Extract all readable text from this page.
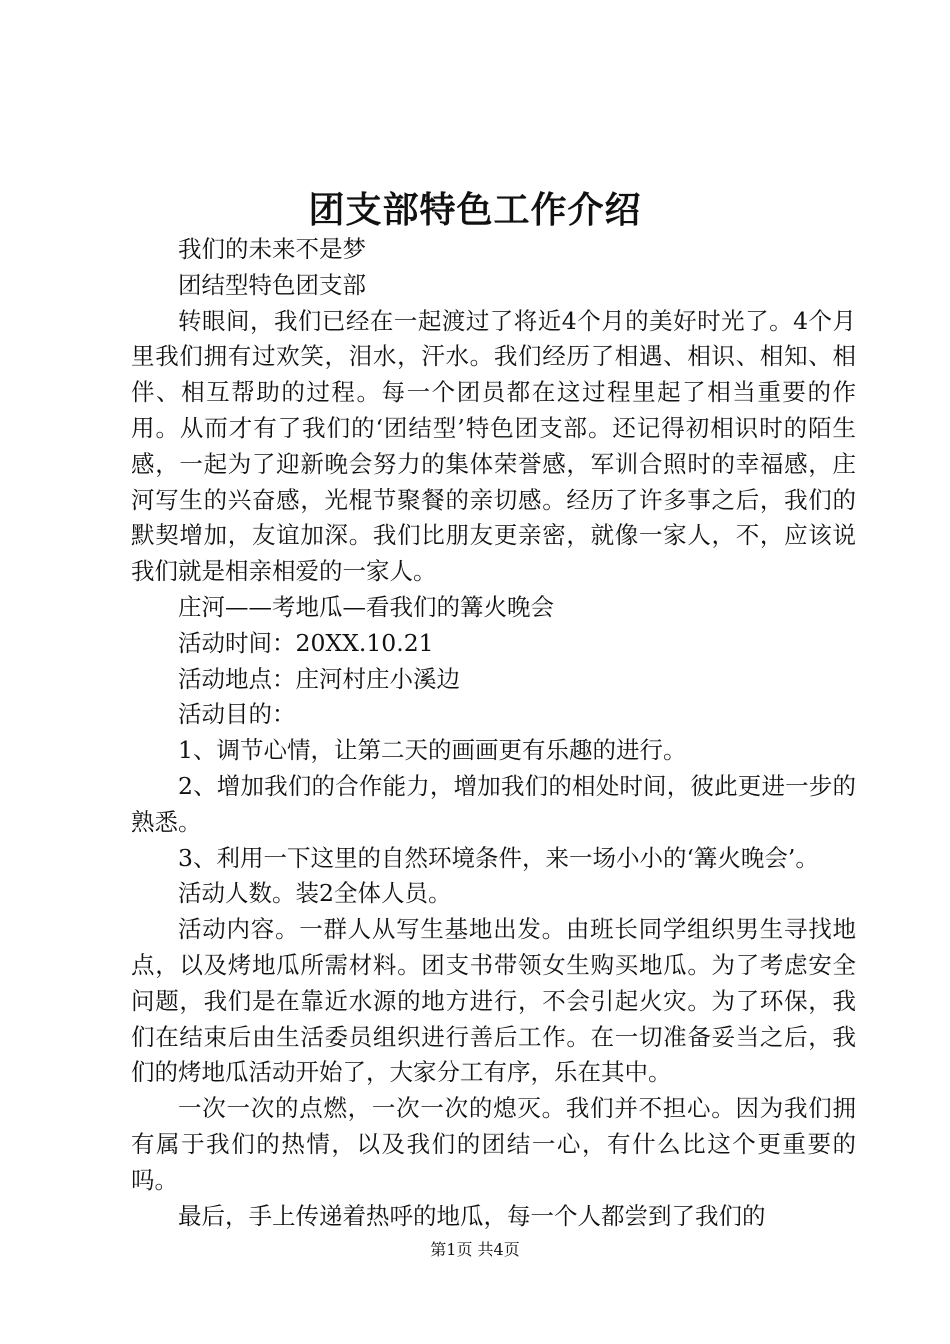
团支部特色工作介绍

我们的未来不是梦

团结型特色团支部

转眼间，我们已经在一起渡过了将近4个月的美好时光了。4个月里我们拥有过欢笑，泪水，汗水。我们经历了相遇、相识、相知、相伴、相互帮助的过程。每一个团员都在这过程里起了相当重要的作用。从而才有了我们的‘团结型’特色团支部。还记得初相识时的陌生感，一起为了迎新晚会努力的集体荣誉感，军训合照时的幸福感，庄河写生的兴奋感，光棍节聚餐的亲切感。经历了许多事之后，我们的默契增加，友谊加深。我们比朋友更亲密，就像一家人，不，应该说我们就是相亲相爱的一家人。

庄河——考地瓜—看我们的篝火晚会

活动时间：20XX.10.21

活动地点：庄河村庄小溪边

活动目的：

1、调节心情，让第二天的画画更有乐趣的进行。

2、增加我们的合作能力，增加我们的相处时间，彼此更进一步的熟悉。

3、利用一下这里的自然环境条件，来一场小小的‘篝火晚会’。

活动人数。装2全体人员。

活动内容。一群人从写生基地出发。由班长同学组织男生寻找地点，以及烤地瓜所需材料。团支书带领女生购买地瓜。为了考虑安全问题，我们是在靠近水源的地方进行，不会引起火灾。为了环保，我们在结束后由生活委员组织进行善后工作。在一切准备妥当之后，我们的烤地瓜活动开始了，大家分工有序，乐在其中。

一次一次的点燃，一次一次的熄灭。我们并不担心。因为我们拥有属于我们的热情，以及我们的团结一心，有什么比这个更重要的吗。

最后，手上传递着热呼的地瓜，每一个人都尝到了我们的

第1页 共4页
